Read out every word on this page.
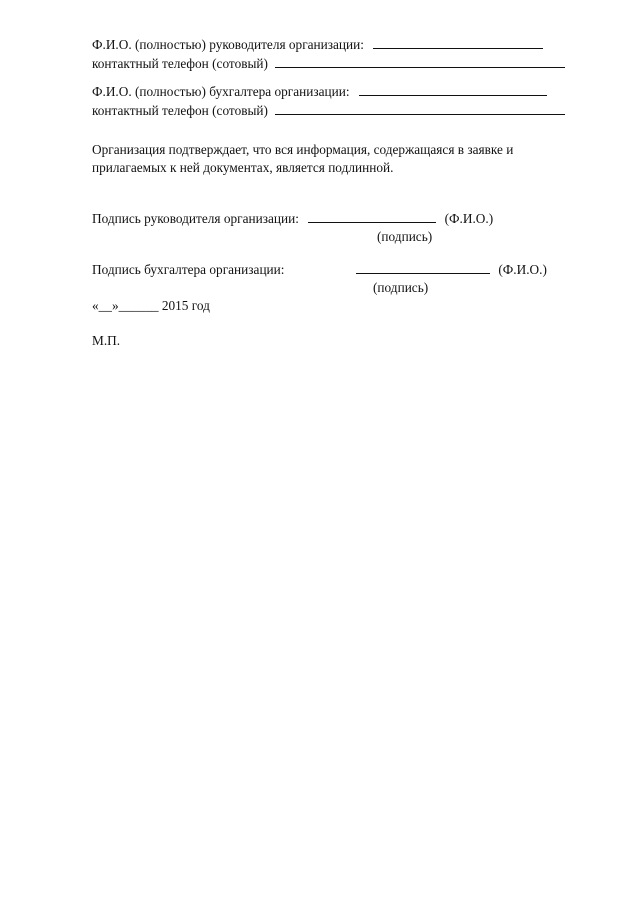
Ф.И.О. (полностью) руководителя организации:
контактный телефон (сотовый)
Ф.И.О. (полностью) бухгалтера организации:
контактный телефон (сотовый)
Организация подтверждает, что вся информация, содержащаяся в заявке и
прилагаемых к ней документах, является подлинной.
Подпись руководителя организации:	(Ф.И.О.)
(подпись)
Подпись бухгалтера организации:	(Ф.И.О.)
(подпись)
«__»______ 2015 год
М.П.
